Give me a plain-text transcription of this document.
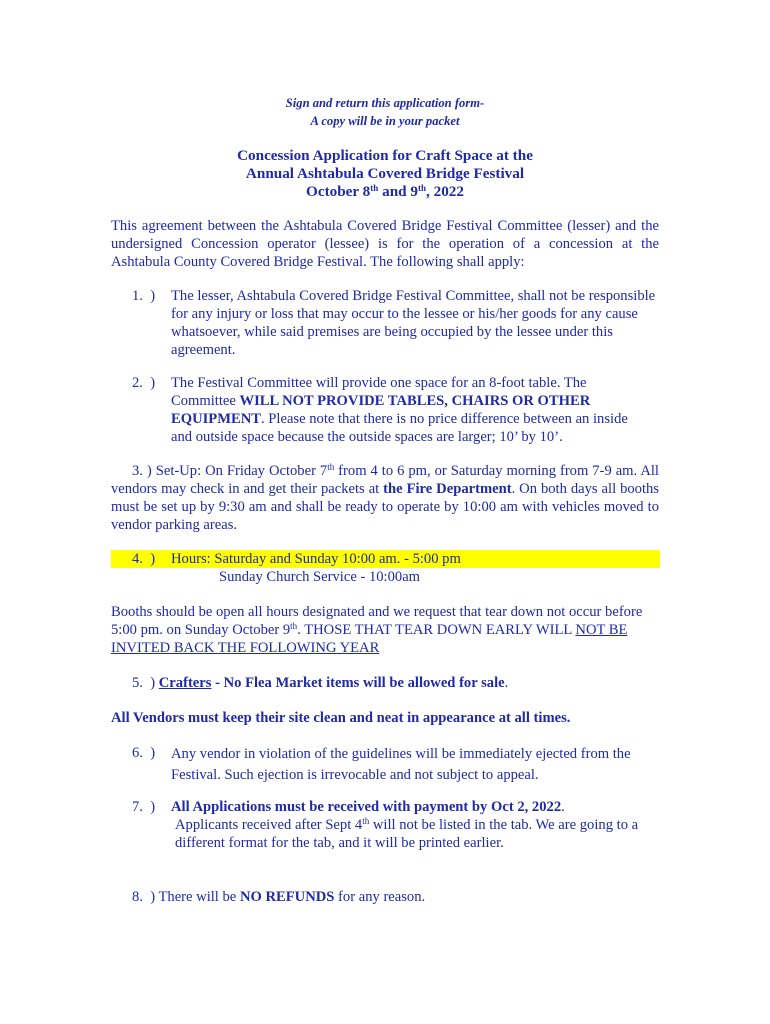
Sign and return this application form-
A copy will be in your packet
Concession Application for Craft Space at the
Annual Ashtabula Covered Bridge Festival
October 8th and 9th, 2022

This agreement between the Ashtabula Covered Bridge Festival Committee (lesser) and the undersigned Concession operator (lessee) is for the operation of a concession at the Ashtabula County Covered Bridge Festival. The following shall apply:

1.  ) The lesser, Ashtabula Covered Bridge Festival Committee, shall not be responsible for any injury or loss that may occur to the lessee or his/her goods for any cause whatsoever, while said premises are being occupied by the lessee under this agreement.

2.  ) The Festival Committee will provide one space for an 8-foot table. The Committee WILL NOT PROVIDE TABLES, CHAIRS OR OTHER EQUIPMENT. Please note that there is no price difference between an inside and outside space because the outside spaces are larger; 10’ by 10’.

3. ) Set-Up: On Friday October 7th from 4 to 6 pm, or Saturday morning from 7-9 am. All vendors may check in and get their packets at the Fire Department. On both days all booths must be set up by 9:30 am and shall be ready to operate by 10:00 am with vehicles moved to vendor parking areas.

4.  ) Hours: Saturday and Sunday 10:00 am. - 5:00 pm
Sunday Church Service - 10:00am

Booths should be open all hours designated and we request that tear down not occur before 5:00 pm. on Sunday October 9th. THOSE THAT TEAR DOWN EARLY WILL NOT BE INVITED BACK THE FOLLOWING YEAR

5.  ) Crafters - No Flea Market items will be allowed for sale.
All Vendors must keep their site clean and neat in appearance at all times.
6.  ) Any vendor in violation of the guidelines will be immediately ejected from the Festival. Such ejection is irrevocable and not subject to appeal.

7.  ) All Applications must be received with payment by Oct 2, 2022.

Applicants received after Sept 4th will not be listed in the tab. We are going to a different format for the tab, and it will be printed earlier.

8.  ) There will be NO REFUNDS for any reason.
